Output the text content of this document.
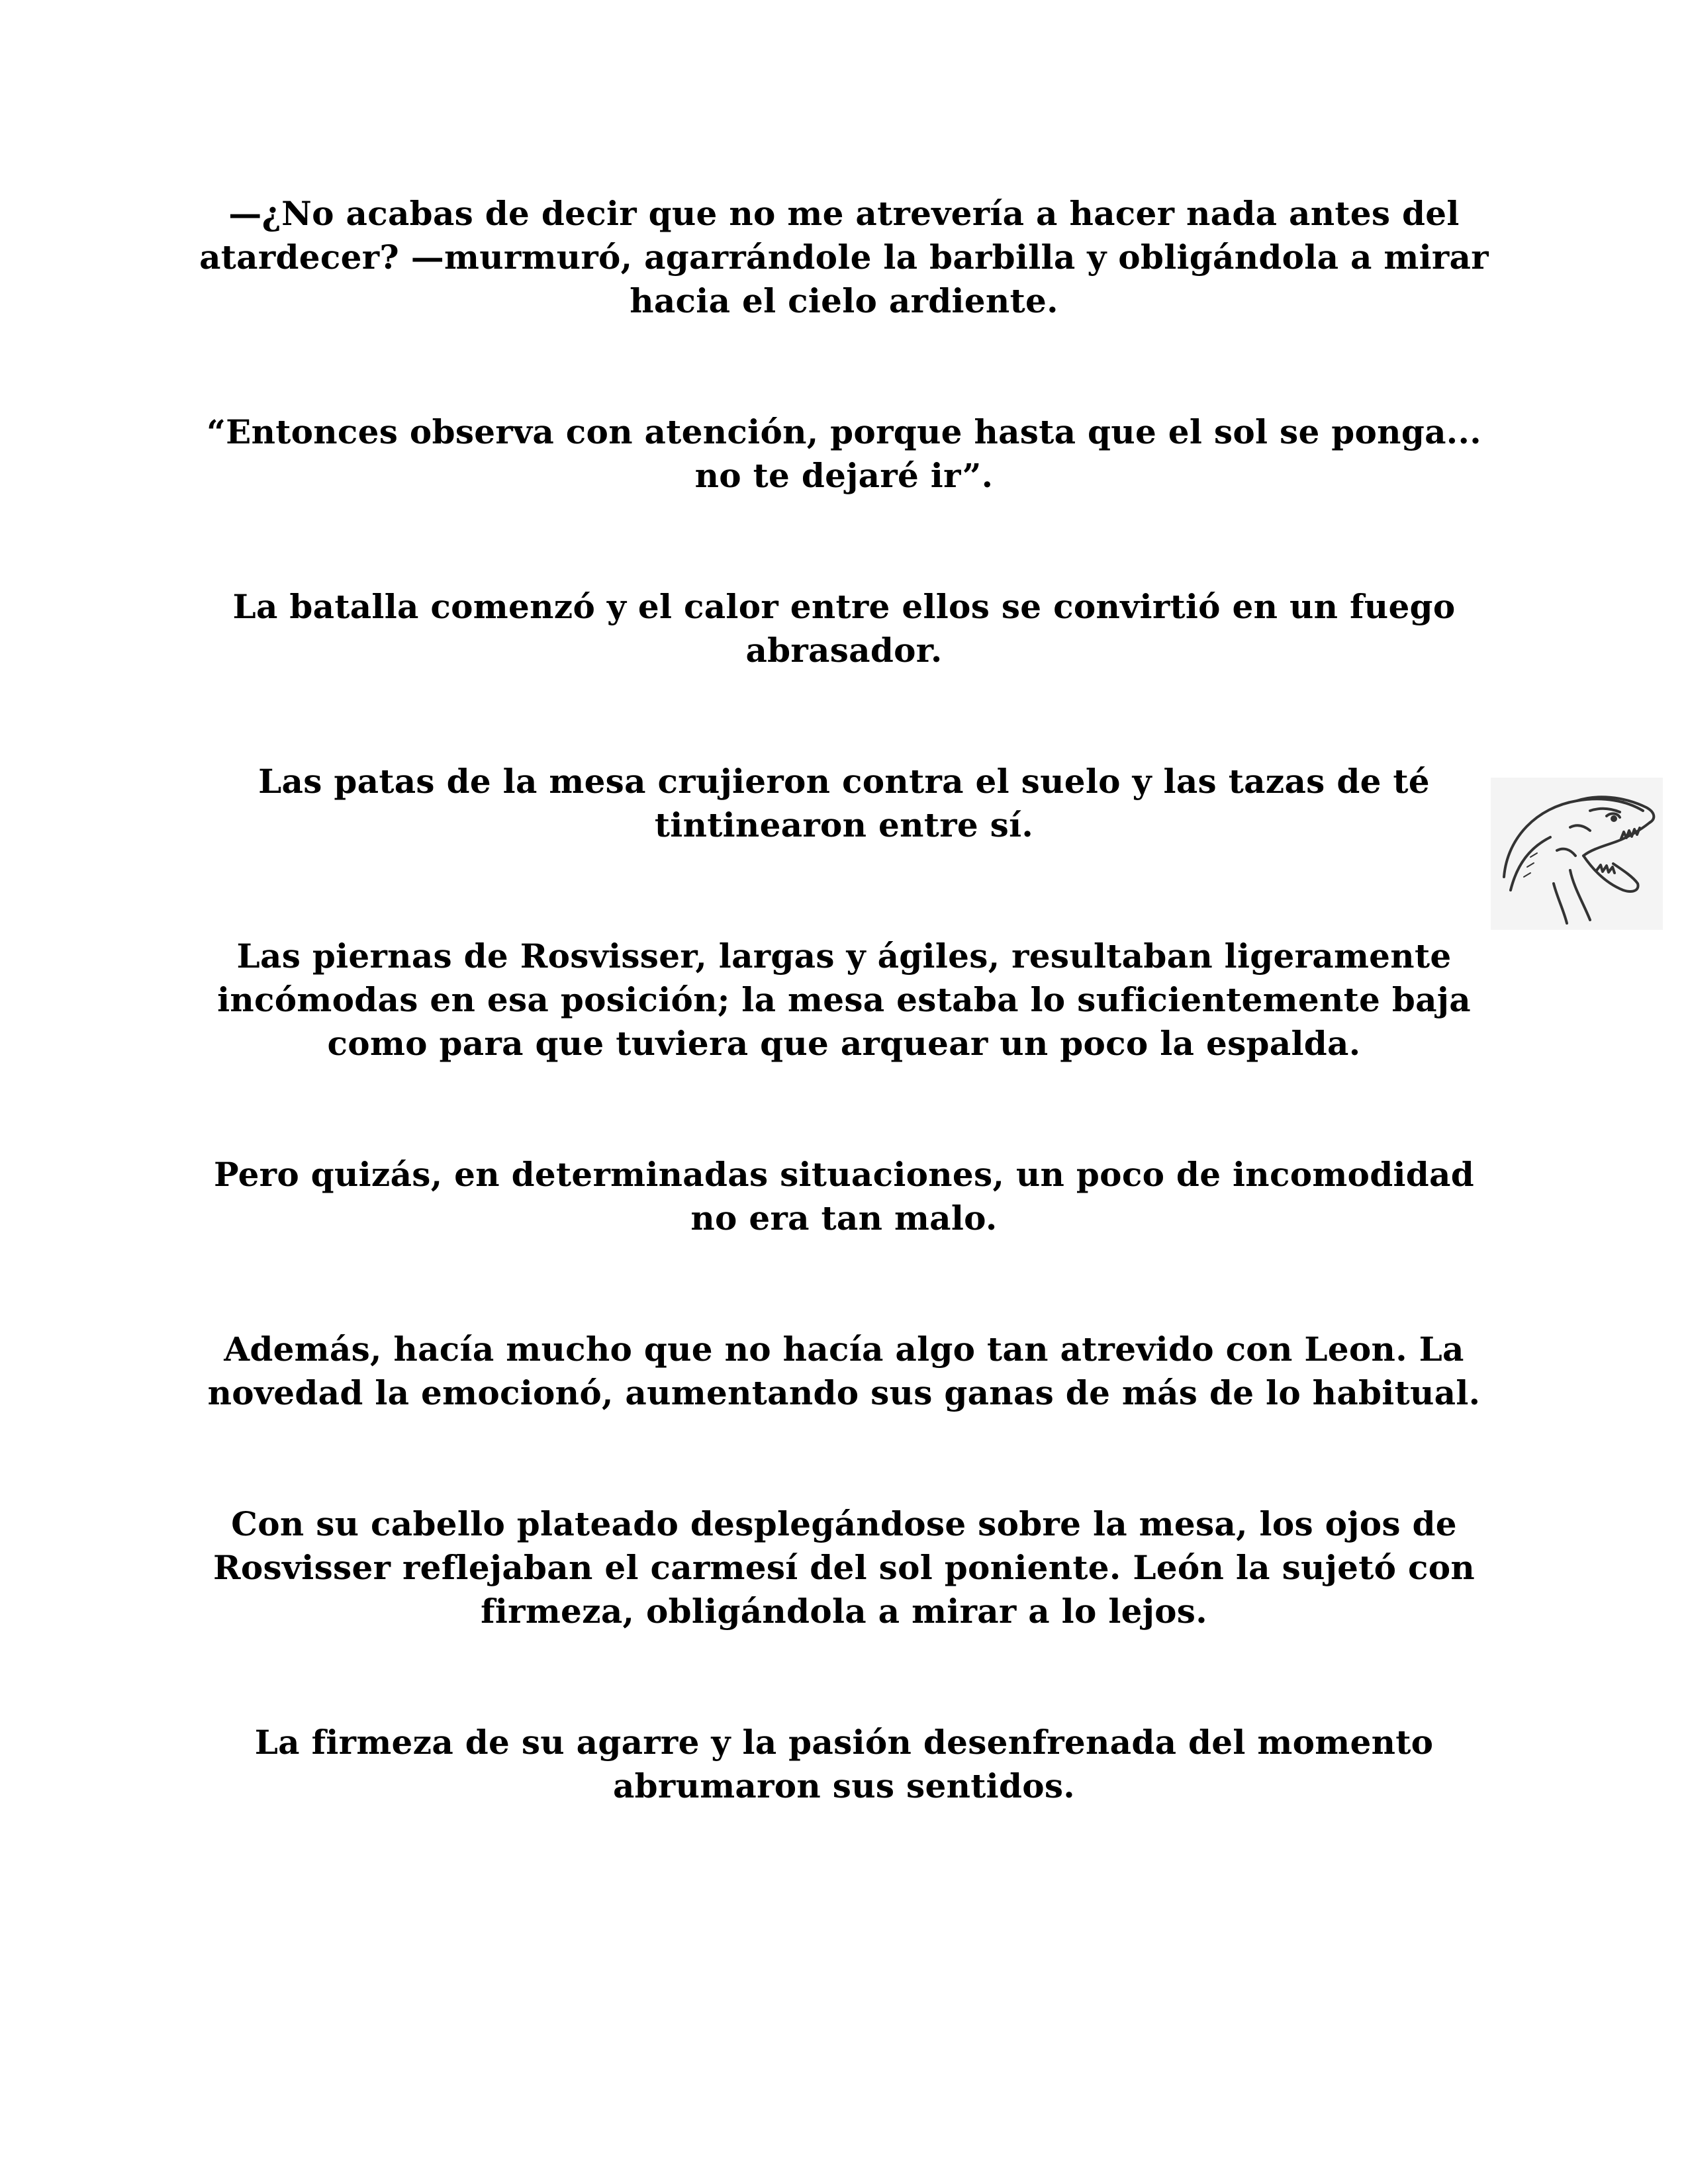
—¿No acabas de decir que no me atrevería a hacer nada antes del atardecer? —murmuró, agarrándole la barbilla y obligándola a mirar hacia el cielo ardiente.

“Entonces observa con atención, porque hasta que el sol se ponga... no te dejaré ir”.

La batalla comenzó y el calor entre ellos se convirtió en un fuego abrasador.

Las patas de la mesa crujieron contra el suelo y las tazas de té tintinearon entre sí.

Las piernas de Rosvisser, largas y ágiles, resultaban ligeramente incómodas en esa posición; la mesa estaba lo suficientemente baja como para que tuviera que arquear un poco la espalda.

Pero quizás, en determinadas situaciones, un poco de incomodidad no era tan malo.

Además, hacía mucho que no hacía algo tan atrevido con Leon. La novedad la emocionó, aumentando sus ganas de más de lo habitual.

Con su cabello plateado desplegándose sobre la mesa, los ojos de Rosvisser reflejaban el carmesí del sol poniente. León la sujetó con firmeza, obligándola a mirar a lo lejos.

La firmeza de su agarre y la pasión desenfrenada del momento abrumaron sus sentidos.
